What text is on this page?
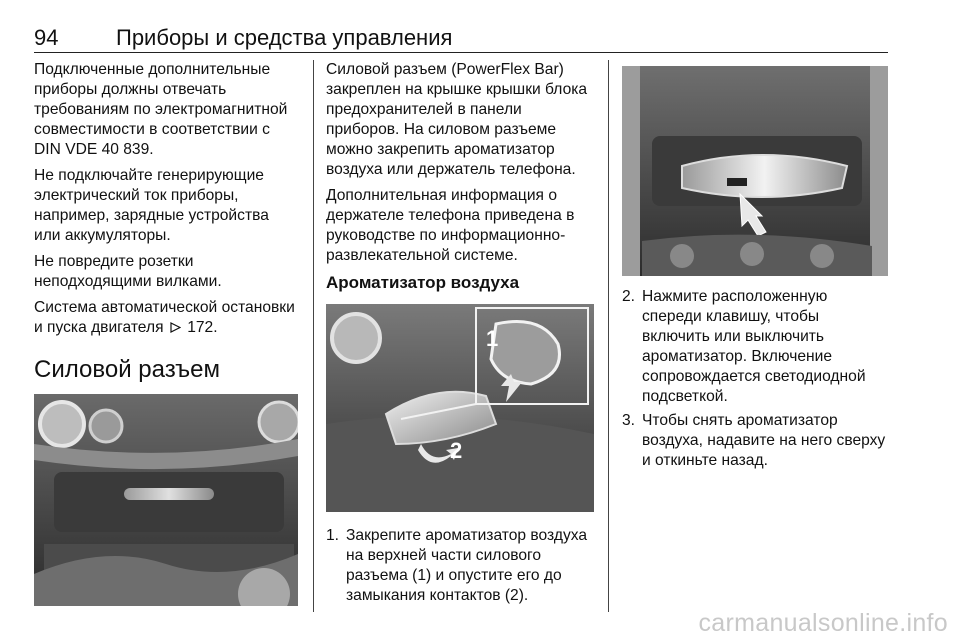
94	Приборы и средства управления

Подключенные дополнительные приборы должны отвечать требованиям по электромагнитной совместимости в соответствии с DIN VDE 40 839.

Не подключайте генерирующие электрический ток приборы, например, зарядные устройства или аккумуляторы.

Не повредите розетки неподходящими вилками.

Система автоматической остановки и пуска двигателя 172.

Силовой разъем

Силовой разъем (PowerFlex Bar) закреплен на крышке крышки блока предохранителей в панели приборов. На силовом разъеме можно закрепить ароматизатор воздуха или держатель телефона.

Дополнительная информация о держателе телефона приведена в руководстве по информационно-развлекательной системе.

Ароматизатор воздуха
1
2
1. Закрепите ароматизатор воздуха на верхней части силового разъема (1) и опустите его до замыкания контактов (2).
2. Нажмите расположенную спереди клавишу, чтобы включить или выключить ароматизатор. Включение сопровождается светодиодной подсветкой.
3. Чтобы снять ароматизатор воздуха, надавите на него сверху и откиньте назад.
carmanualsonline.info
